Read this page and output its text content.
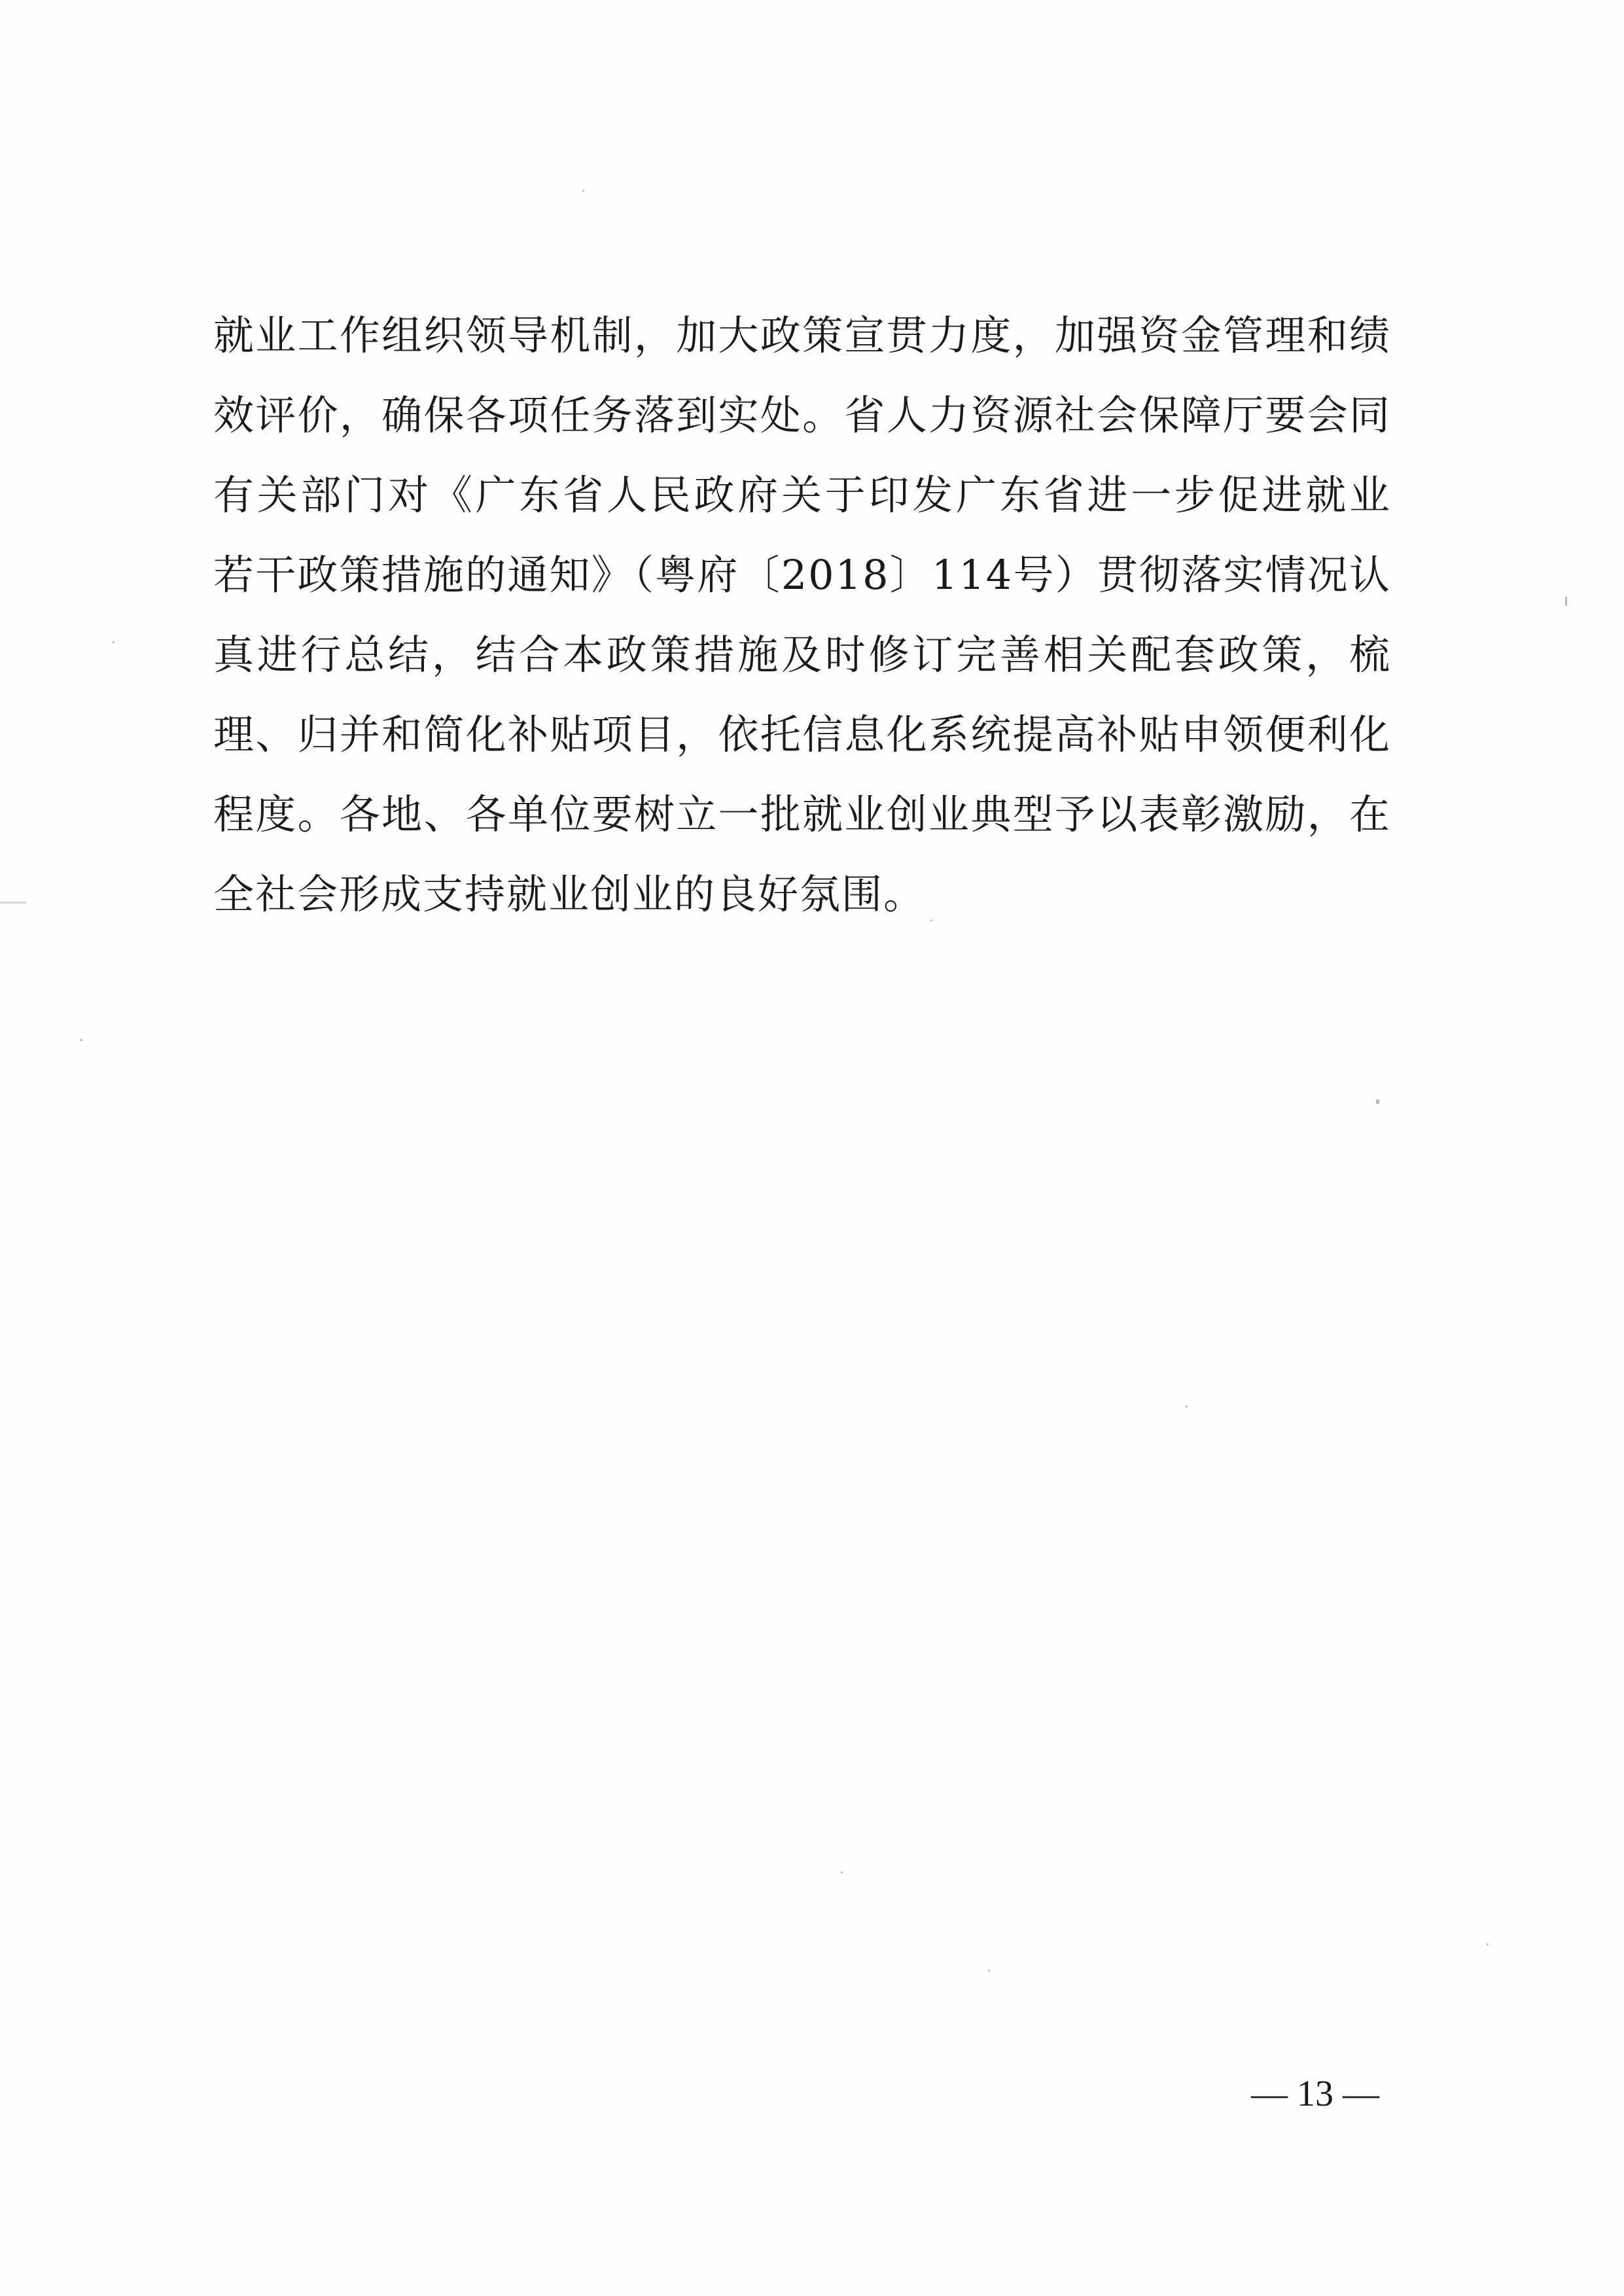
就业工作组织领导机制，加大政策宣贯力度，加强资金管理和绩
效评价，确保各项任务落到实处。省人力资源社会保障厅要会同
有关部门对《广东省人民政府关于印发广东省进一步促进就业
若干政策措施的通知》（粤府〔2018〕114号）贯彻落实情况认
真进行总结，结合本政策措施及时修订完善相关配套政策，梳
理、归并和简化补贴项目，依托信息化系统提高补贴申领便利化
程度。各地、各单位要树立一批就业创业典型予以表彰激励，在
全社会形成支持就业创业的良好氛围。
— 13 —
